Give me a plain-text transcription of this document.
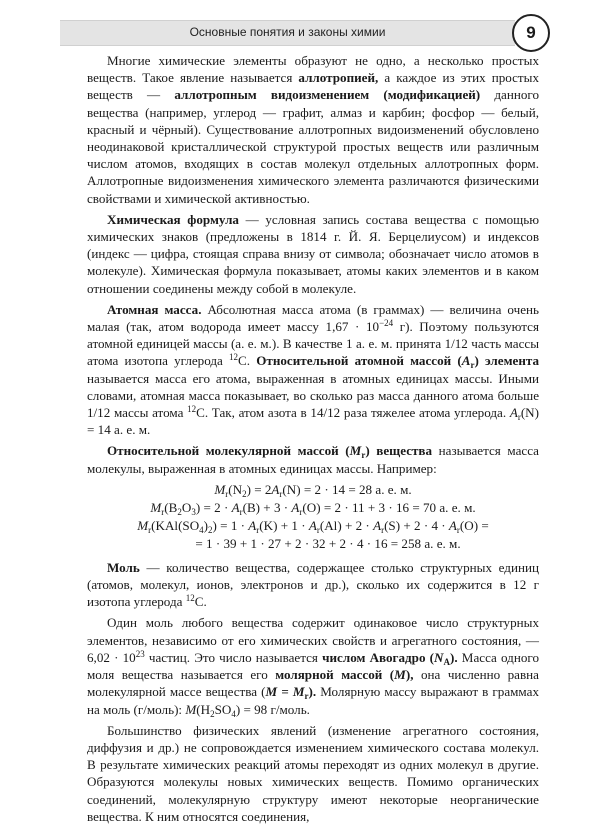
Основные понятия и законы химии	9

Многие химические элементы образуют не одно, а несколько простых веществ. Такое явление называется аллотропией, а каждое из этих простых веществ — аллотропным видоизменением (модификацией) данного вещества (например, углерод — графит, алмаз и карбин; фосфор — белый, красный и чёрный). Существование аллотропных видоизменений обусловлено неодинаковой кристаллической структурой простых веществ или различным числом атомов, входящих в состав молекул отдельных аллотропных форм. Аллотропные видоизменения химического элемента различаются физическими свойствами и химической активностью.

Химическая формула — условная запись состава вещества с помощью химических знаков (предложены в 1814 г. Й. Я. Берцелиусом) и индексов (индекс — цифра, стоящая справа внизу от символа; обозначает число атомов в молекуле). Химическая формула показывает, атомы каких элементов и в каком отношении соединены между собой в молекуле.

Атомная масса. Абсолютная масса атома (в граммах) — величина очень малая (так, атом водорода имеет массу $1,67 \cdot 10^{-24}$ г). Поэтому пользуются атомной единицей массы (а. е. м.). В качестве 1 а. е. м. принята 1/12 часть массы атома изотопа углерода $^{12}$С. Относительной атомной массой $(A_r)$ элемента называется масса его атома, выраженная в атомных единицах массы. Иными словами, атомная масса показывает, во сколько раз масса данного атома больше 1/12 массы атома $^{12}$С. Так, атом азота в 14/12 раза тяжелее атома углерода. $A_r(N) = 14$ а. е. м.

Относительной молекулярной массой $(M_r)$ вещества называется масса молекулы, выраженная в атомных единицах массы. Например:

$M_r(N_2) = 2A_r(N) = 2 \cdot 14 = 28$ а. е. м.
$M_r(B_2O_3) = 2 \cdot A_r(B) + 3 \cdot A_r(O) = 2 \cdot 11 + 3 \cdot 16 = 70$ а. е. м.
$M_r(KAl(SO_4)_2) = 1 \cdot A_r(K) + 1 \cdot A_r(Al) + 2 \cdot A_r(S) + 2 \cdot 4 \cdot A_r(O)$ =
= 1 · 39 + 1 · 27 + 2 · 32 + 2 · 4 · 16 = 258 а. е. м.

Моль — количество вещества, содержащее столько структурных единиц (атомов, молекул, ионов, электронов и др.), сколько их содержится в 12 г изотопа углерода $^{12}$С.

Один моль любого вещества содержит одинаковое число структурных элементов, независимо от его химических свойств и агрегатного состояния, — $6,02 \cdot 10^{23}$ частиц. Это число называется числом Авогадро $(N_A)$. Масса одного моля вещества называется его молярной массой (M), она численно равна молекулярной массе вещества $(M = M_r)$. Молярную массу выражают в граммах на моль (г/моль): $M(H_2SO_4) = 98$ г/моль.

Большинство физических явлений (изменение агрегатного состояния, диффузия и др.) не сопровождается изменением химического состава молекул. В результате химических реакций атомы переходят из одних молекул в другие. Образуются молекулы новых химических веществ. Помимо органических соединений, молекулярную структуру имеют некоторые неорганические вещества. К ним относятся соединения,
